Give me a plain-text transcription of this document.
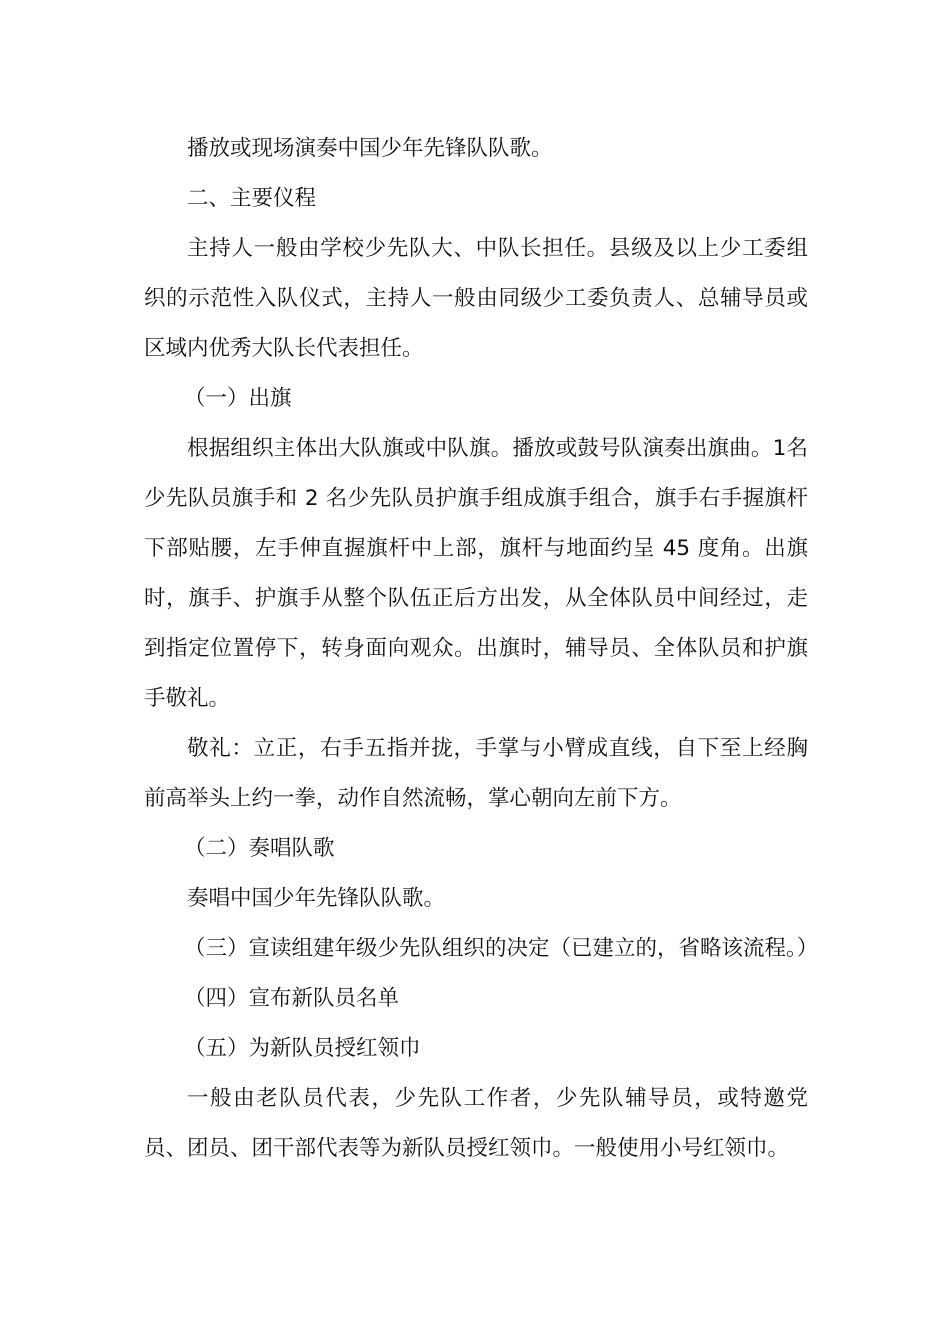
播放或现场演奏中国少年先锋队队歌。

二、主要仪程

主持人一般由学校少先队大、中队长担任。县级及以上少工委组织的示范性入队仪式，主持人一般由同级少工委负责人、总辅导员或区域内优秀大队长代表担任。

（一）出旗

根据组织主体出大队旗或中队旗。播放或鼓号队演奏出旗曲。1名少先队员旗手和 2 名少先队员护旗手组成旗手组合，旗手右手握旗杆下部贴腰，左手伸直握旗杆中上部，旗杆与地面约呈 45 度角。出旗时，旗手、护旗手从整个队伍正后方出发，从全体队员中间经过，走到指定位置停下，转身面向观众。出旗时，辅导员、全体队员和护旗手敬礼。

敬礼：立正，右手五指并拢，手掌与小臂成直线，自下至上经胸前高举头上约一拳，动作自然流畅，掌心朝向左前下方。

（二）奏唱队歌

奏唱中国少年先锋队队歌。

（三）宣读组建年级少先队组织的决定（已建立的，省略该流程。）

（四）宣布新队员名单

（五）为新队员授红领巾

一般由老队员代表，少先队工作者，少先队辅导员，或特邀党员、团员、团干部代表等为新队员授红领巾。一般使用小号红领巾。
